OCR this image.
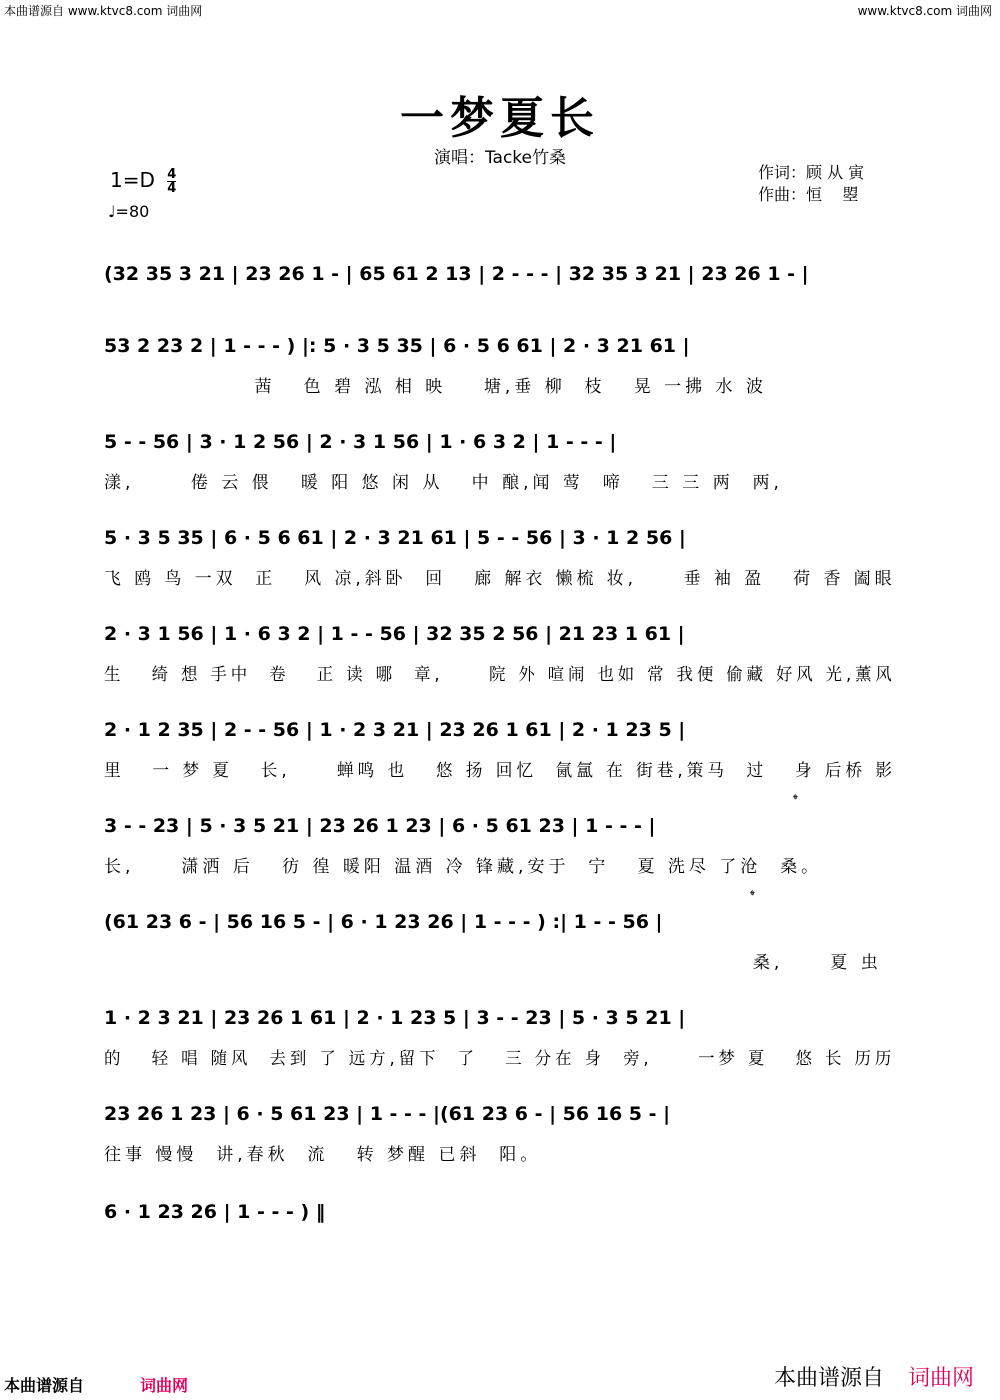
本曲谱源自 www.ktvc8.com 词曲网	www.ktvc8.com 词曲网
一梦夏长
演唱：Tacke竹桑
$1=D \frac{4}{4}$
♩=80
作词：顾 从 寅
作曲：恒    曌
(32 35 3 21 | 23 26 1 - | 65 61 2 13 | 2 - - - | 32 35 3 21 | 23 26 1 - |
53 2 23 2 | 1 - - - ) |: 5 · 3 5 35 | 6 · 5 6 61 | 2 · 3 21 61 |
茜   色 碧 泓 相 映    塘,垂 柳  枝   晃 一拂 水 波
5 - - 56 | 3 · 1 2 56 | 2 · 3 1 56 | 1 · 6 3 2 | 1 - - - |
漾,      倦 云 偎   暖 阳 悠 闲 从   中 酿,闻 莺  啼   三 三 两  两,
5 · 3 5 35 | 6 · 5 6 61 | 2 · 3 21 61 | 5 - - 56 | 3 · 1 2 56 |
飞 鸥 鸟 一双  正   风 凉,斜卧  回   廊 解衣 懒梳 妆,     垂 袖 盈   荷 香 阖眼
2 · 3 1 56 | 1 · 6 3 2 | 1 - - 56 | 32 35 2 56 | 21 23 1 61 |
生   绮 想 手中  卷   正 读 哪  章,     院 外 喧闹 也如 常 我便 偷藏 好风 光,薰风
2 · 1 2 35 | 2 - - 56 | 1 · 2 3 21 | 23 26 1 61 | 2 · 1 23 5 |
里   一 梦 夏   长,     蝉鸣 也   悠 扬 回忆  氤氲 在 街巷,策马  过   身 后桥 影
3 - - 23 | 5 · 3 5 21 | 23 26 1 23 | 6 · 5 61 23 | 1 - - - |
长,     潇洒 后   彷 徨 暖阳 温酒 冷 锋藏,安于  宁   夏 洗尽 了沧  桑。
(61 23 6 - | 56 16 5 - | 6 · 1 23 26 | 1 - - - ) :| 1 - - 56 |
桑,     夏 虫
1 · 2 3 21 | 23 26 1 61 | 2 · 1 23 5 | 3 - - 23 | 5 · 3 5 21 |
的   轻 唱 随风  去到 了 远方,留下  了   三 分在 身  旁,     一梦 夏   悠 长 历历
23 26 1 23 | 6 · 5 61 23 | 1 - - - |(61 23 6 - | 56 16 5 - |
往事 慢慢  讲,春秋  流   转 梦醒 已斜  阳。
6 · 1 23 26 | 1 - - - ) ‖
𝄌
𝄌
本曲谱源自	词曲网	本曲谱源自 词曲网
